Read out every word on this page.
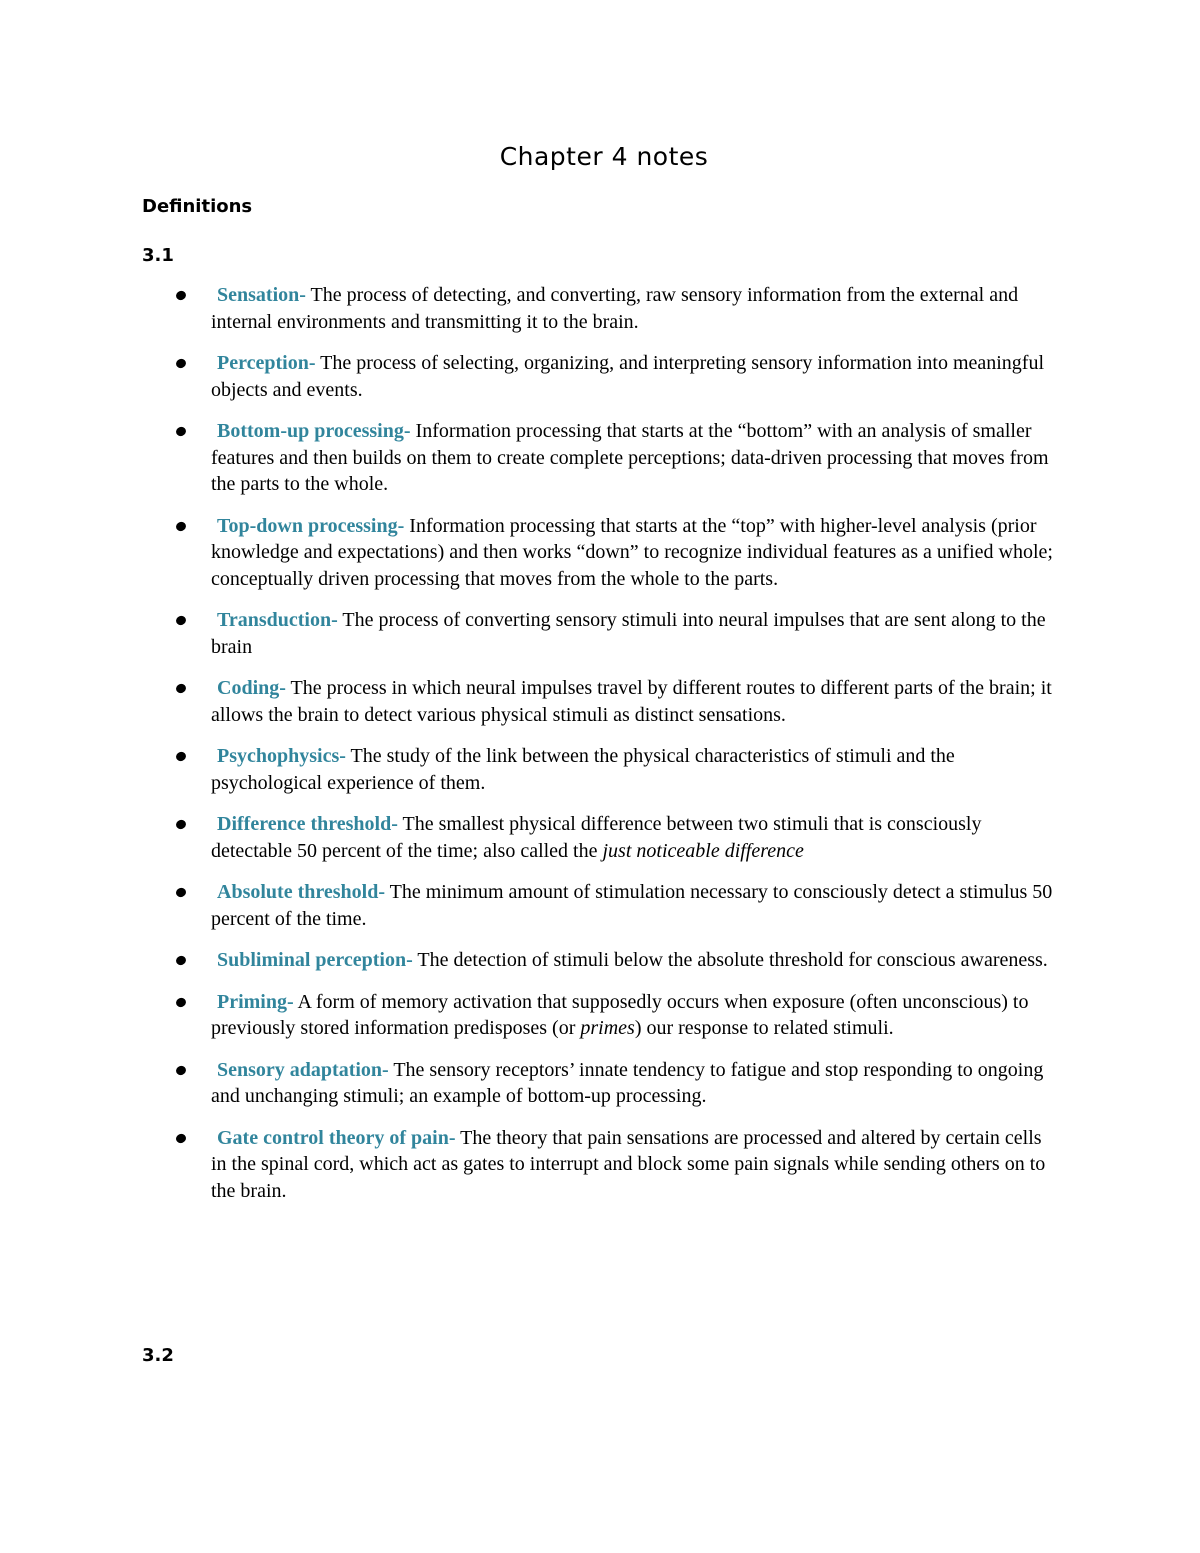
Chapter 4 notes

Definitions

3.1

Sensation- The process of detecting, and converting, raw sensory information from the external and internal environments and transmitting it to the brain.
Perception- The process of selecting, organizing, and interpreting sensory information into meaningful objects and events.
Bottom-up processing- Information processing that starts at the “bottom” with an analysis of smaller features and then builds on them to create complete perceptions; data-driven processing that moves from the parts to the whole.
Top-down processing- Information processing that starts at the “top” with higher-level analysis (prior knowledge and expectations) and then works “down” to recognize individual features as a unified whole; conceptually driven processing that moves from the whole to the parts.
Transduction- The process of converting sensory stimuli into neural impulses that are sent along to the brain
Coding- The process in which neural impulses travel by different routes to different parts of the brain; it allows the brain to detect various physical stimuli as distinct sensations.
Psychophysics- The study of the link between the physical characteristics of stimuli and the psychological experience of them.
Difference threshold- The smallest physical difference between two stimuli that is consciously detectable 50 percent of the time; also called the just noticeable difference
Absolute threshold- The minimum amount of stimulation necessary to consciously detect a stimulus 50 percent of the time.
Subliminal perception- The detection of stimuli below the absolute threshold for conscious awareness.
Priming- A form of memory activation that supposedly occurs when exposure (often unconscious) to previously stored information predisposes (or primes) our response to related stimuli.
Sensory adaptation- The sensory receptors’ innate tendency to fatigue and stop responding to ongoing and unchanging stimuli; an example of bottom-up processing.
Gate control theory of pain- The theory that pain sensations are processed and altered by certain cells in the spinal cord, which act as gates to interrupt and block some pain signals while sending others on to the brain.

3.2
